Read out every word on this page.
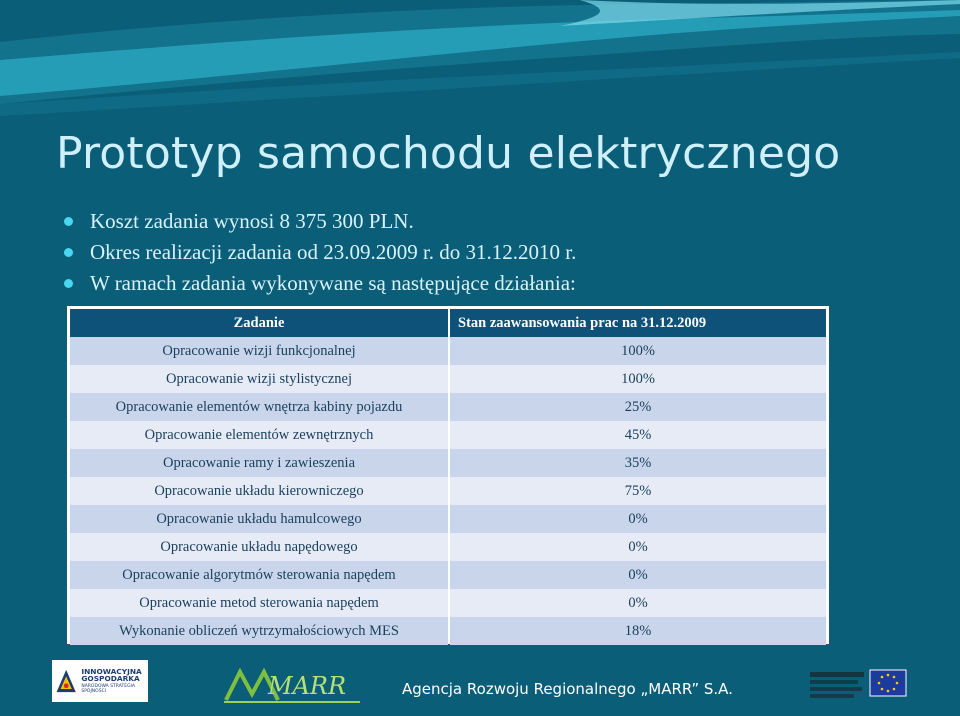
Prototyp samochodu elektrycznego
Koszt zadania wynosi 8 375 300 PLN.
Okres realizacji zadania od 23.09.2009 r. do 31.12.2010 r.
W ramach zadania wykonywane są następujące działania:
Zadanie	Stan zaawansowania prac na 31.12.2009
Opracowanie wizji funkcjonalnej	100%
Opracowanie wizji stylistycznej	100%
Opracowanie elementów wnętrza kabiny pojazdu	25%
Opracowanie elementów zewnętrznych	45%
Opracowanie ramy i zawieszenia	35%
Opracowanie układu kierowniczego	75%
Opracowanie układu hamulcowego	0%
Opracowanie układu napędowego	0%
Opracowanie algorytmów sterowania napędem	0%
Opracowanie metod sterowania napędem	0%
Wykonanie obliczeń wytrzymałościowych MES	18%
INNOWACYJNA
GOSPODARKA
NARODOWA STRATEGIA SPÓJNOŚCI	MARR	Agencja Rozwoju Regionalnego „MARR” S.A.
